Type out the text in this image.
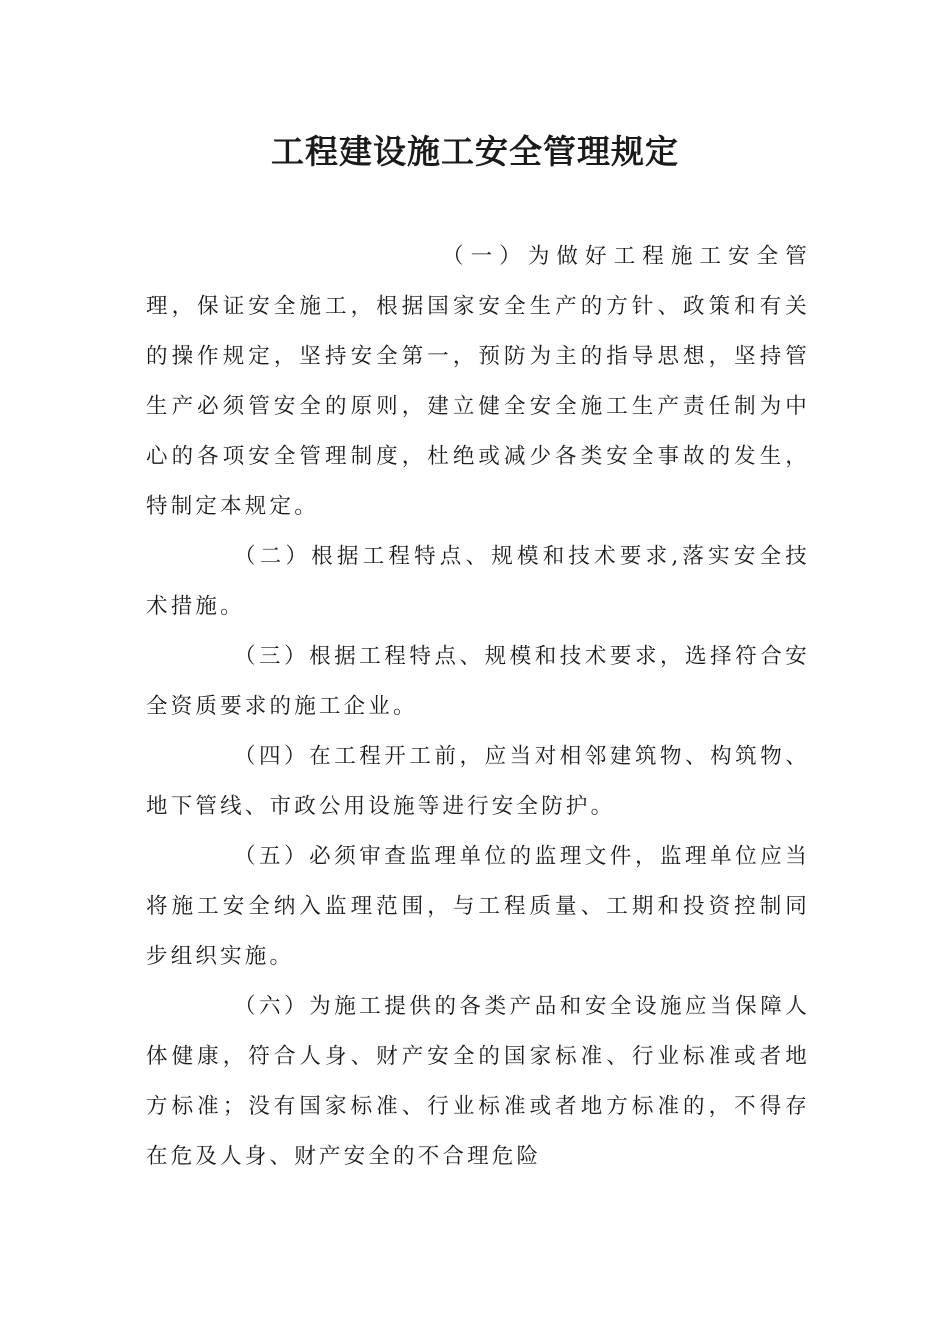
工程建设施工安全管理规定

（一）为做好工程施工安全管理，保证安全施工，根据国家安全生产的方针、政策和有关的操作规定，坚持安全第一，预防为主的指导思想，坚持管生产必须管安全的原则，建立健全安全施工生产责任制为中心的各项安全管理制度，杜绝或减少各类安全事故的发生，特制定本规定。

（二）根据工程特点、规模和技术要求,落实安全技术措施。

（三）根据工程特点、规模和技术要求，选择符合安全资质要求的施工企业。

（四）在工程开工前，应当对相邻建筑物、构筑物、地下管线、市政公用设施等进行安全防护。

（五）必须审查监理单位的监理文件，监理单位应当将施工安全纳入监理范围，与工程质量、工期和投资控制同步组织实施。

（六）为施工提供的各类产品和安全设施应当保障人体健康，符合人身、财产安全的国家标准、行业标准或者地方标准；没有国家标准、行业标准或者地方标准的，不得存在危及人身、财产安全的不合理危险
